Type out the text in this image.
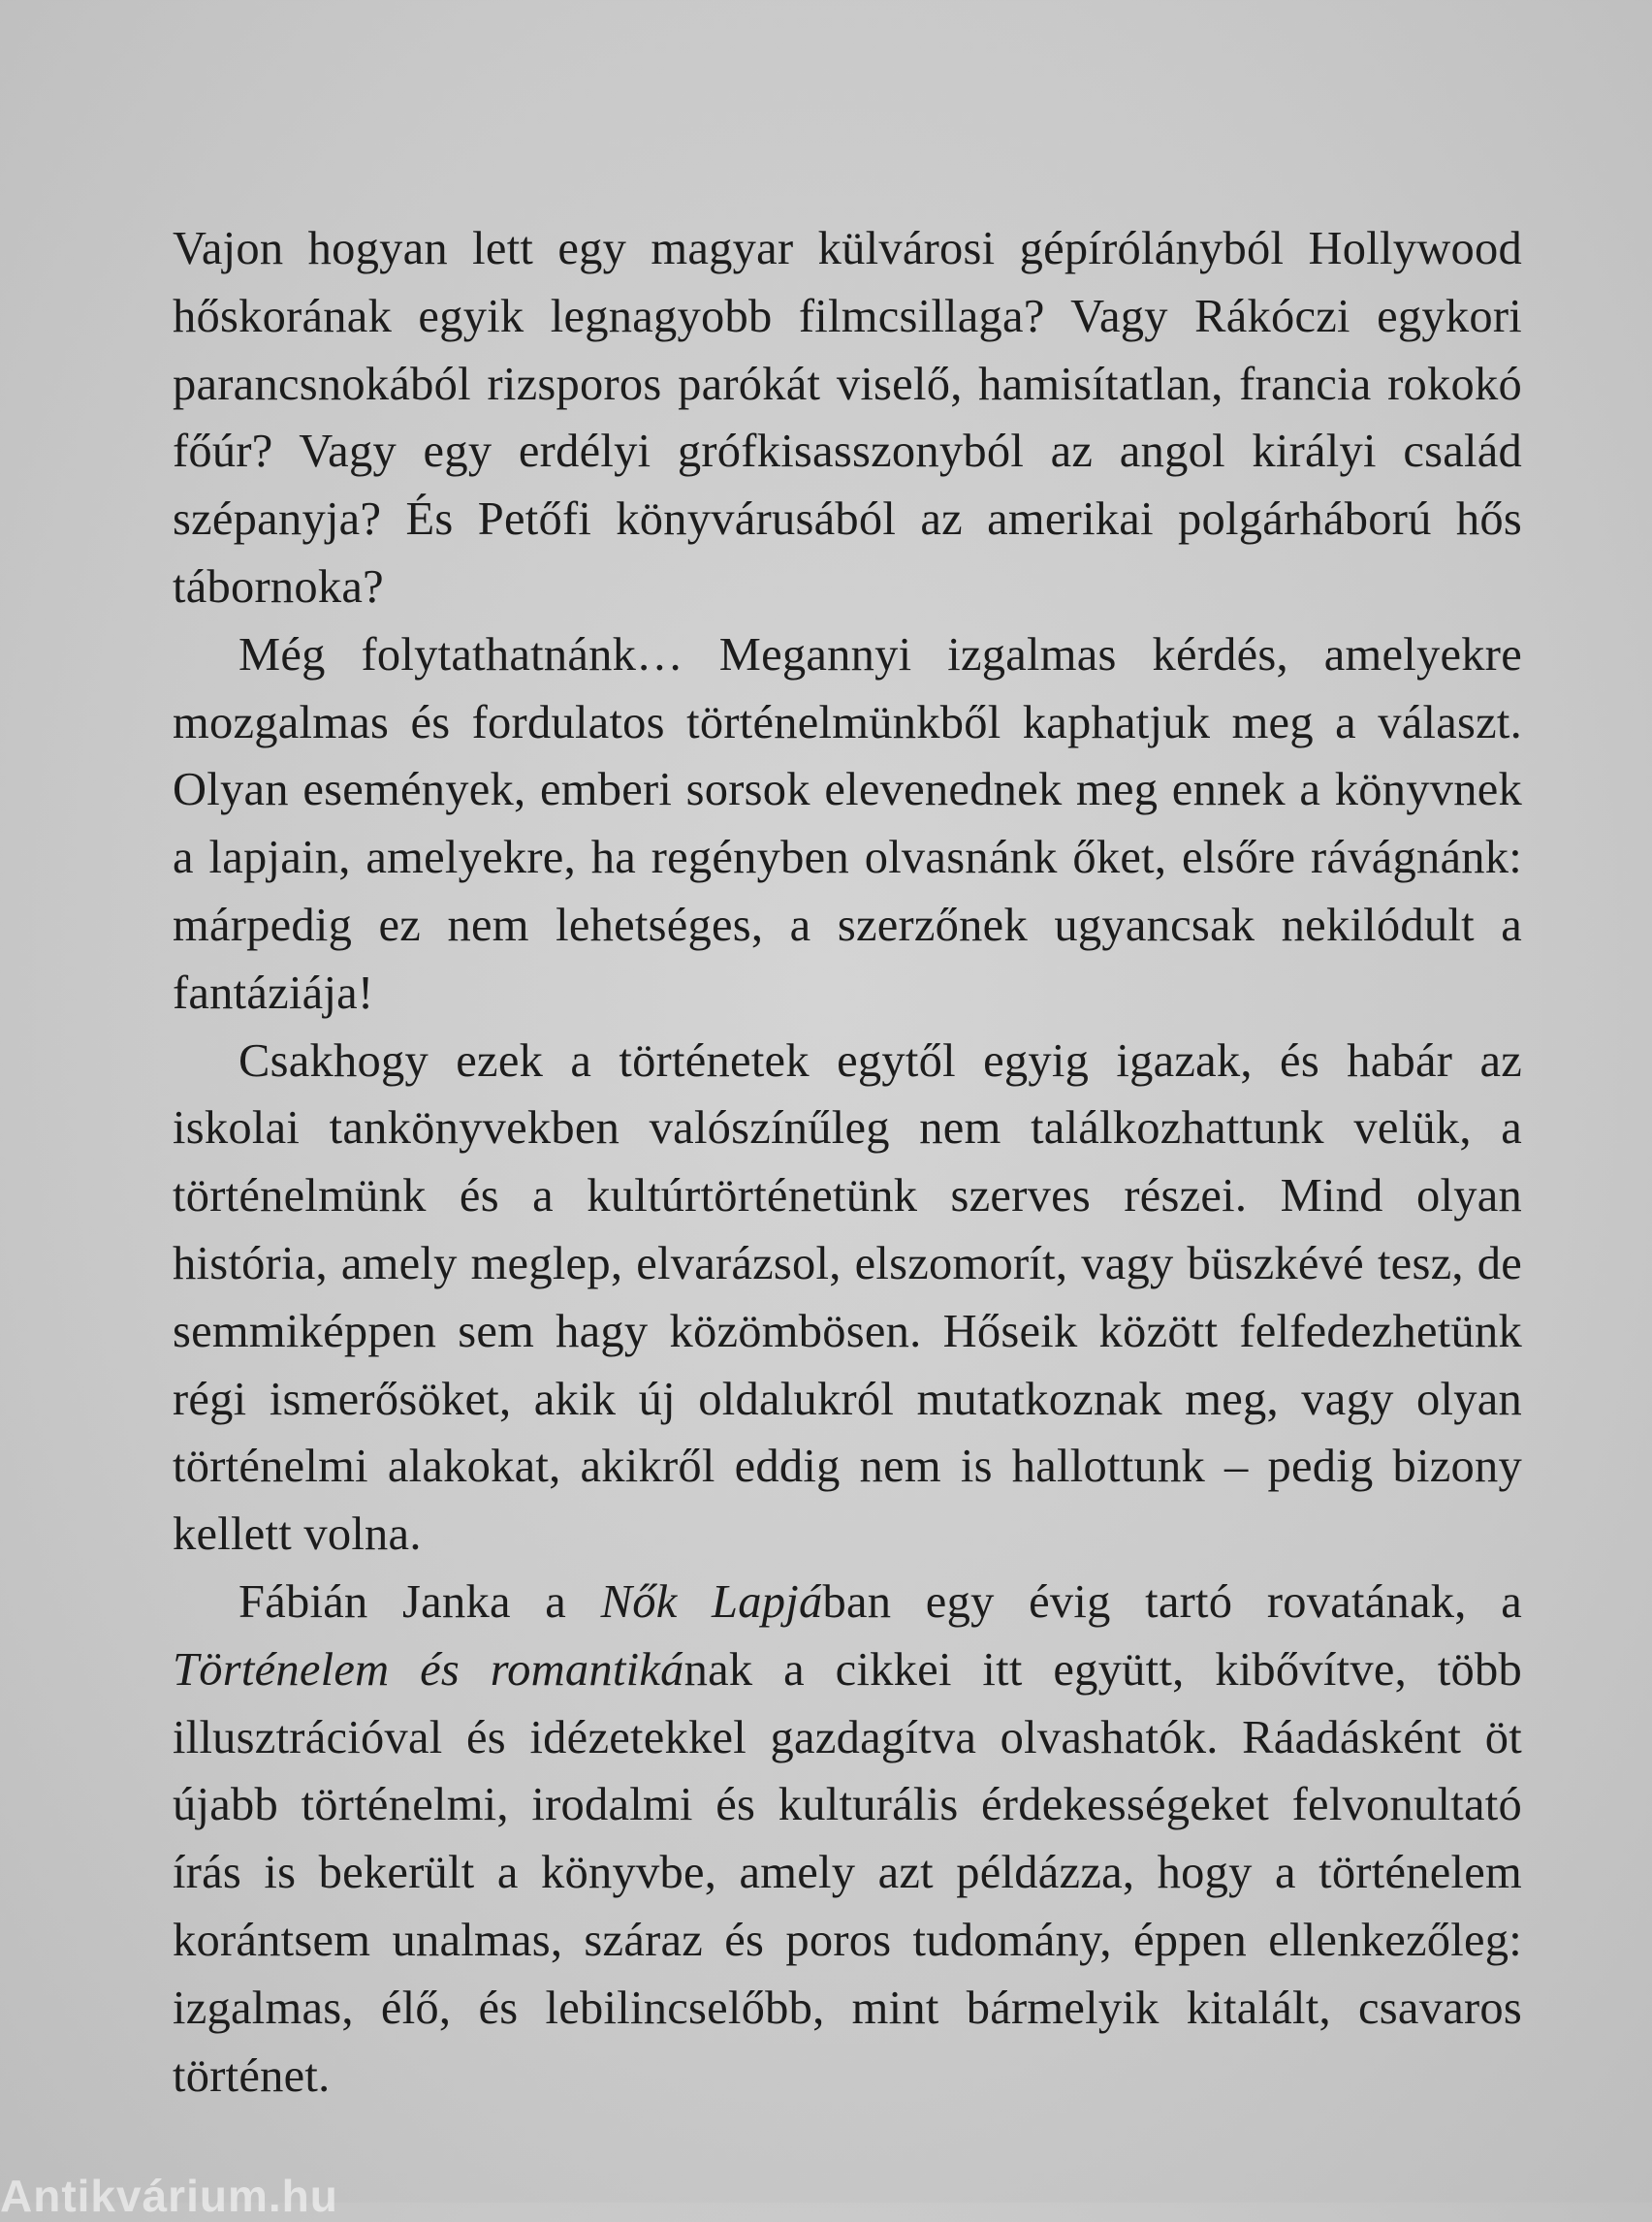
Vajon hogyan lett egy magyar külvárosi gépírólányból Hollywood hőskorának egyik legnagyobb filmcsillaga? Vagy Rákóczi egykori parancsnokából rizsporos parókát viselő, hamisítatlan, francia rokokó főúr? Vagy egy erdélyi grófkisasszonyból az angol királyi család szépanyja? És Petőfi könyvárusából az amerikai polgárháború hős tábornoka?

Még folytathatnánk… Megannyi izgalmas kérdés, amelyekre mozgalmas és fordulatos történelmünkből kaphatjuk meg a választ. Olyan események, emberi sorsok elevenednek meg ennek a könyvnek a lapjain, amelyekre, ha regényben olvasnánk őket, elsőre rávágnánk: márpedig ez nem lehetséges, a szerzőnek ugyancsak nekilódult a fantáziája!

Csakhogy ezek a történetek egytől egyig igazak, és habár az iskolai tankönyvekben valószínűleg nem találkozhattunk velük, a történelmünk és a kultúrtörténetünk szerves részei. Mind olyan história, amely meglep, elvarázsol, elszomorít, vagy büszkévé tesz, de semmiképpen sem hagy közömbösen. Hőseik között felfedezhetünk régi ismerősöket, akik új oldalukról mutatkoznak meg, vagy olyan történelmi alakokat, akikről eddig nem is hallottunk – pedig bizony kellett volna.

Fábián Janka a Nők Lapjában egy évig tartó rovatának, a Történelem és romantikának a cikkei itt együtt, kibővítve, több illusztrációval és idézetekkel gazdagítva olvashatók. Ráadásként öt újabb történelmi, irodalmi és kulturális érdekességeket felvonultató írás is bekerült a könyvbe, amely azt példázza, hogy a történelem korántsem unalmas, száraz és poros tudomány, éppen ellenkezőleg: izgalmas, élő, és lebilincselőbb, mint bármelyik kitalált, csavaros történet.

Antikvárium.hu
